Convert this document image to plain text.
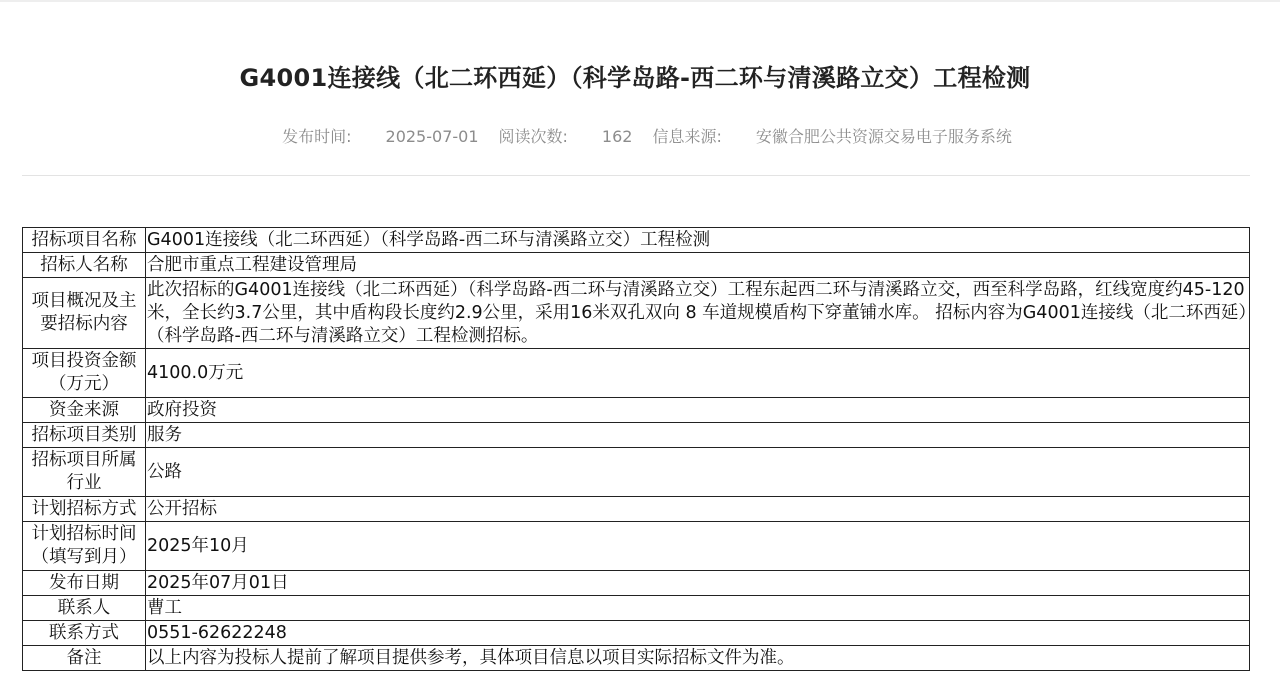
G4001连接线（北二环西延）（科学岛路-西二环与清溪路立交）工程检测
发布时间: 2025-07-01 阅读次数: 162 信息来源: 安徽合肥公共资源交易电子服务系统
招标项目名称	G4001连接线（北二环西延）（科学岛路-西二环与清溪路立交）工程检测
招标人名称	合肥市重点工程建设管理局
项目概况及主要招标内容	此次招标的G4001连接线（北二环西延）（科学岛路-西二环与清溪路立交）工程东起西二环与清溪路立交，西至科学岛路，红线宽度约45-120米，全长约3.7公里，其中盾构段长度约2.9公里，采用16米双孔双向 8 车道规模盾构下穿董铺水库。 招标内容为G4001连接线（北二环西延）（科学岛路-西二环与清溪路立交）工程检测招标。
项目投资金额（万元）	4100.0万元
资金来源	政府投资
招标项目类别	服务
招标项目所属行业	公路
计划招标方式	公开招标
计划招标时间（填写到月）	2025年10月
发布日期	2025年07月01日
联系人	曹工
联系方式	0551-62622248
备注	以上内容为投标人提前了解项目提供参考，具体项目信息以项目实际招标文件为准。
